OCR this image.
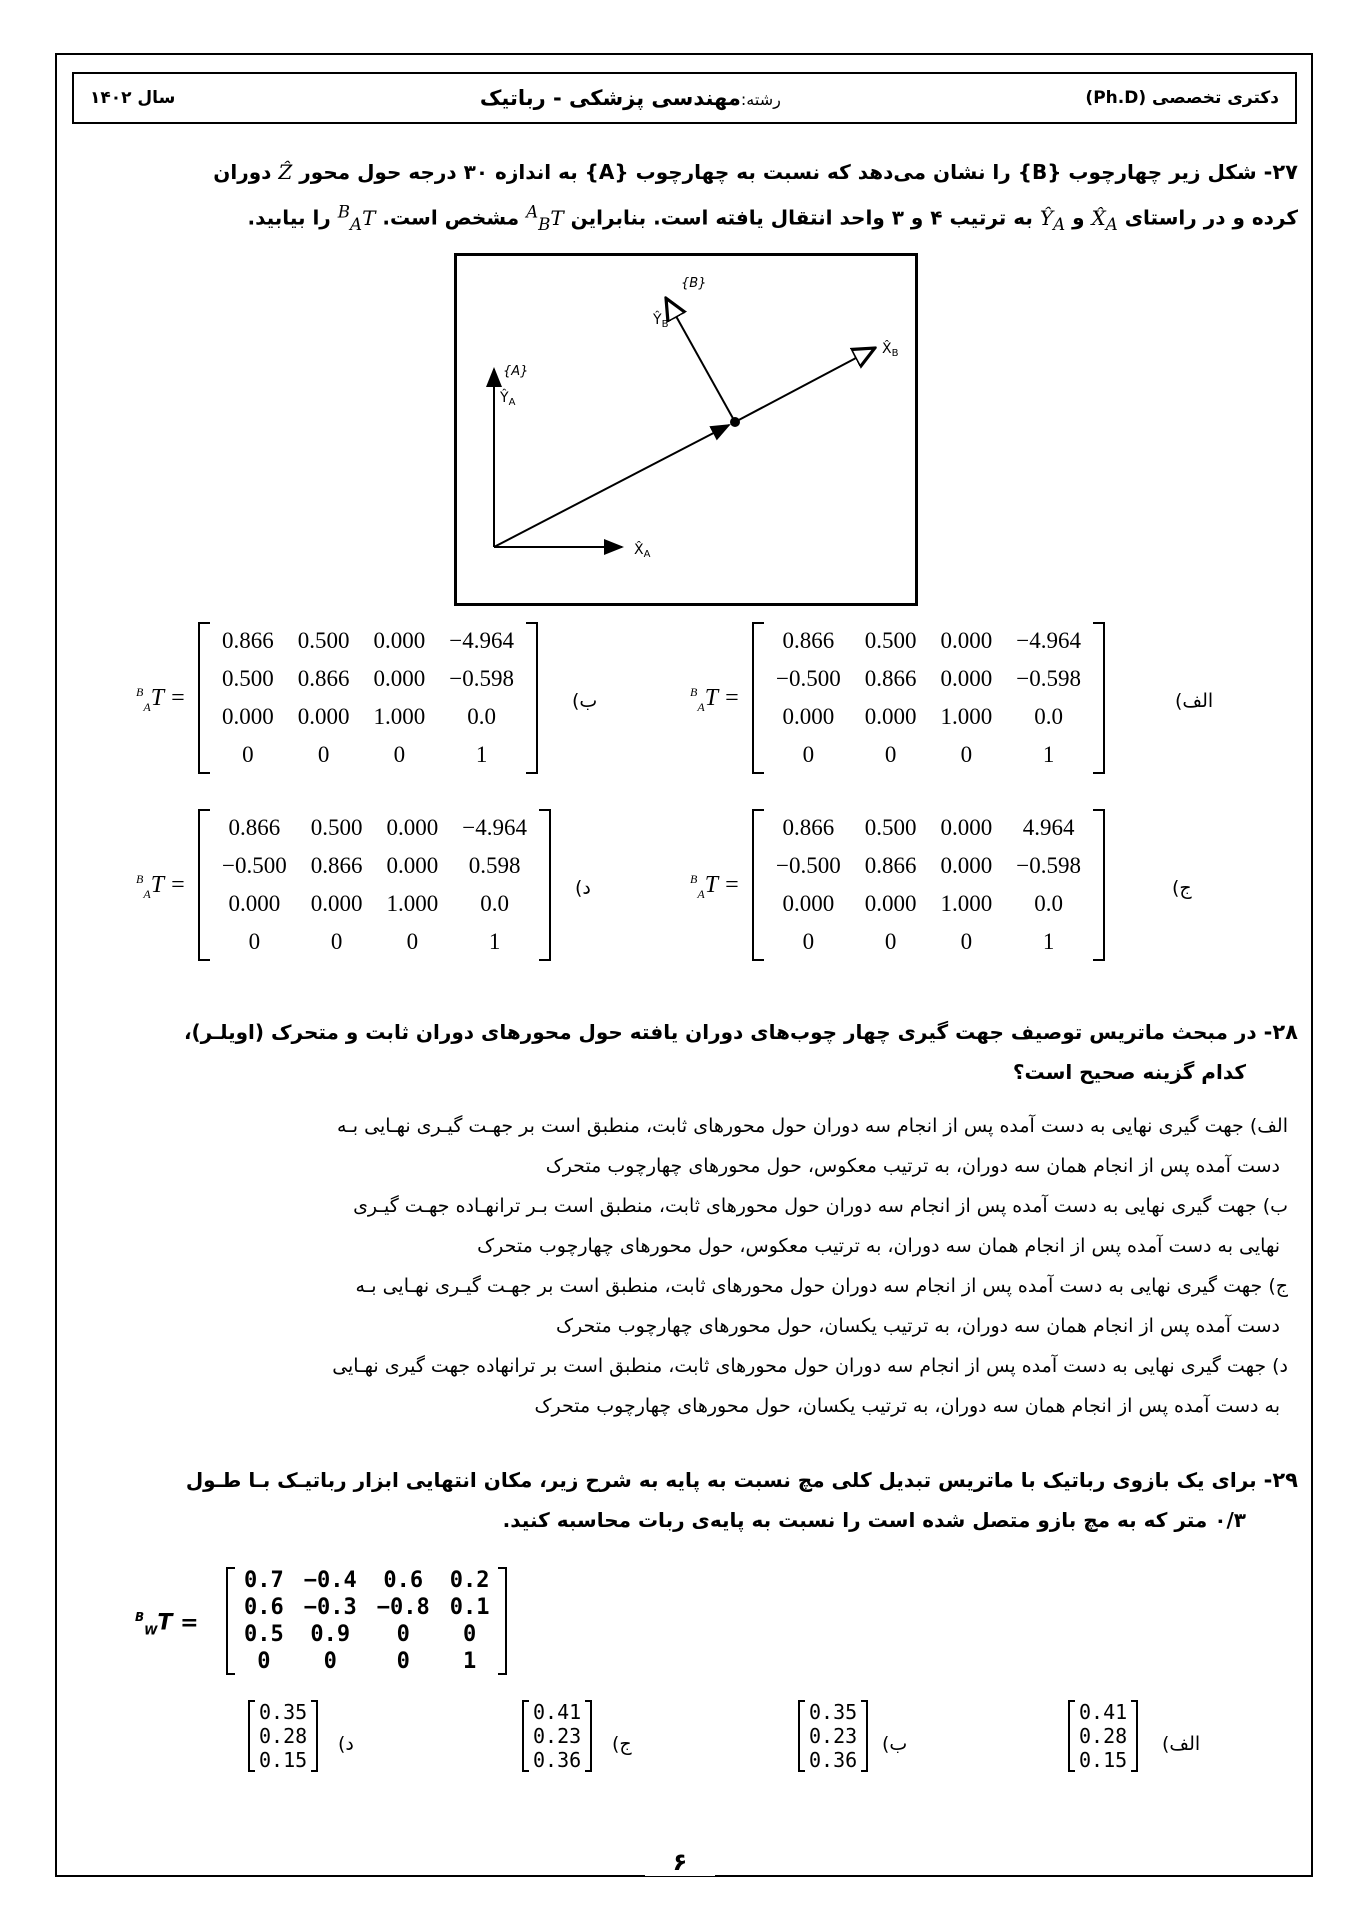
دکتری تخصصی (Ph.D)
رشته:مهندسی پزشکی - رباتیک
سال ۱۴۰۲
۲۷- شکل زیر چهارچوب {B} را نشان می‌دهد که نسبت به چهارچوب {A} به اندازه ۳۰ درجه حول محور Ẑ دوران
کرده و در راستای $X̂_A$ و $Ŷ_A$ به ترتیب ۴ و ۳ واحد انتقال یافته است. بنابراین $^A_B$T مشخص است. $^B_A$T را بیابید.
{B}
$Ŷ_B$
$X̂_B$
{A}
$Ŷ_A$
$X̂_A$
الف)
$^B_A$T =
0.866	0.500	0.000	−4.964
−0.500	0.866	0.000	−0.598
0.000	0.000	1.000	0.0
0	0	0	1
ب)
$^B_A$T =
0.866	0.500	0.000	−4.964
0.500	0.866	0.000	−0.598
0.000	0.000	1.000	0.0
0	0	0	1
ج)
$^B_A$T =
0.866	0.500	0.000	4.964
−0.500	0.866	0.000	−0.598
0.000	0.000	1.000	0.0
0	0	0	1
د)
$^B_A$T =
0.866	0.500	0.000	−4.964
−0.500	0.866	0.000	0.598
0.000	0.000	1.000	0.0
0	0	0	1
۲۸- در مبحث ماتریس توصیف جهت گیری چهار چوب‌های دوران یافته حول محورهای دوران ثابت و متحرک (اویلـر)،
کدام گزینه صحیح است؟
الف) جهت گیری نهایی به دست آمده پس از انجام سه دوران حول محورهای ثابت، منطبق است بر جهـت گیـری نهـایی بـه
دست آمده پس از انجام همان سه دوران، به ترتیب معکوس، حول محورهای چهارچوب متحرک
ب) جهت گیری نهایی به دست آمده پس از انجام سه دوران حول محورهای ثابت، منطبق است بـر ترانهـاده جهـت گیـری
نهایی به دست آمده پس از انجام همان سه دوران، به ترتیب معکوس، حول محورهای چهارچوب متحرک
ج) جهت گیری نهایی به دست آمده پس از انجام سه دوران حول محورهای ثابت، منطبق است بر جهـت گیـری نهـایی بـه
دست آمده پس از انجام همان سه دوران، به ترتیب یکسان، حول محورهای چهارچوب متحرک
د) جهت گیری نهایی به دست آمده پس از انجام سه دوران حول محورهای ثابت، منطبق است بر ترانهاده جهت گیری نهـایی
به دست آمده پس از انجام همان سه دوران، به ترتیب یکسان، حول محورهای چهارچوب متحرک
۲۹- برای یک بازوی رباتیک با ماتریس تبدیل کلی مچ نسبت به پایه به شرح زیر، مکان انتهایی ابزار رباتیـک بـا طـول
۰/۳ متر که به مچ بازو متصل شده است را نسبت به پایه‌ی ربات محاسبه کنید.
$^B_W$T =
0.7	−0.4	0.6	0.2
0.6	−0.3	−0.8	0.1
0.5	0.9	0	0
0	0	0	1
الف)
0.41
0.28
0.15
ب)
0.35
0.23
0.36
ج)
0.41
0.23
0.36
د)
0.35
0.28
0.15
۶
